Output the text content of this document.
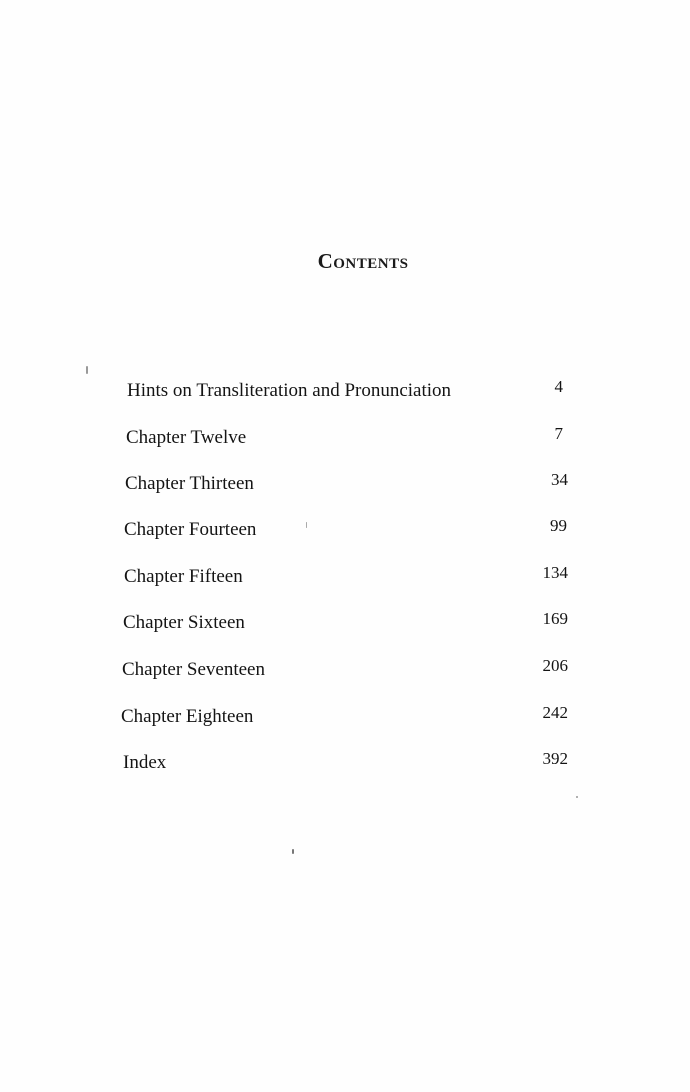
Contents
Hints on Transliteration and Pronunciation	4
Chapter Twelve	7
Chapter Thirteen	34
Chapter Fourteen	99
Chapter Fifteen	134
Chapter Sixteen	169
Chapter Seventeen	206
Chapter Eighteen	242
Index	392
